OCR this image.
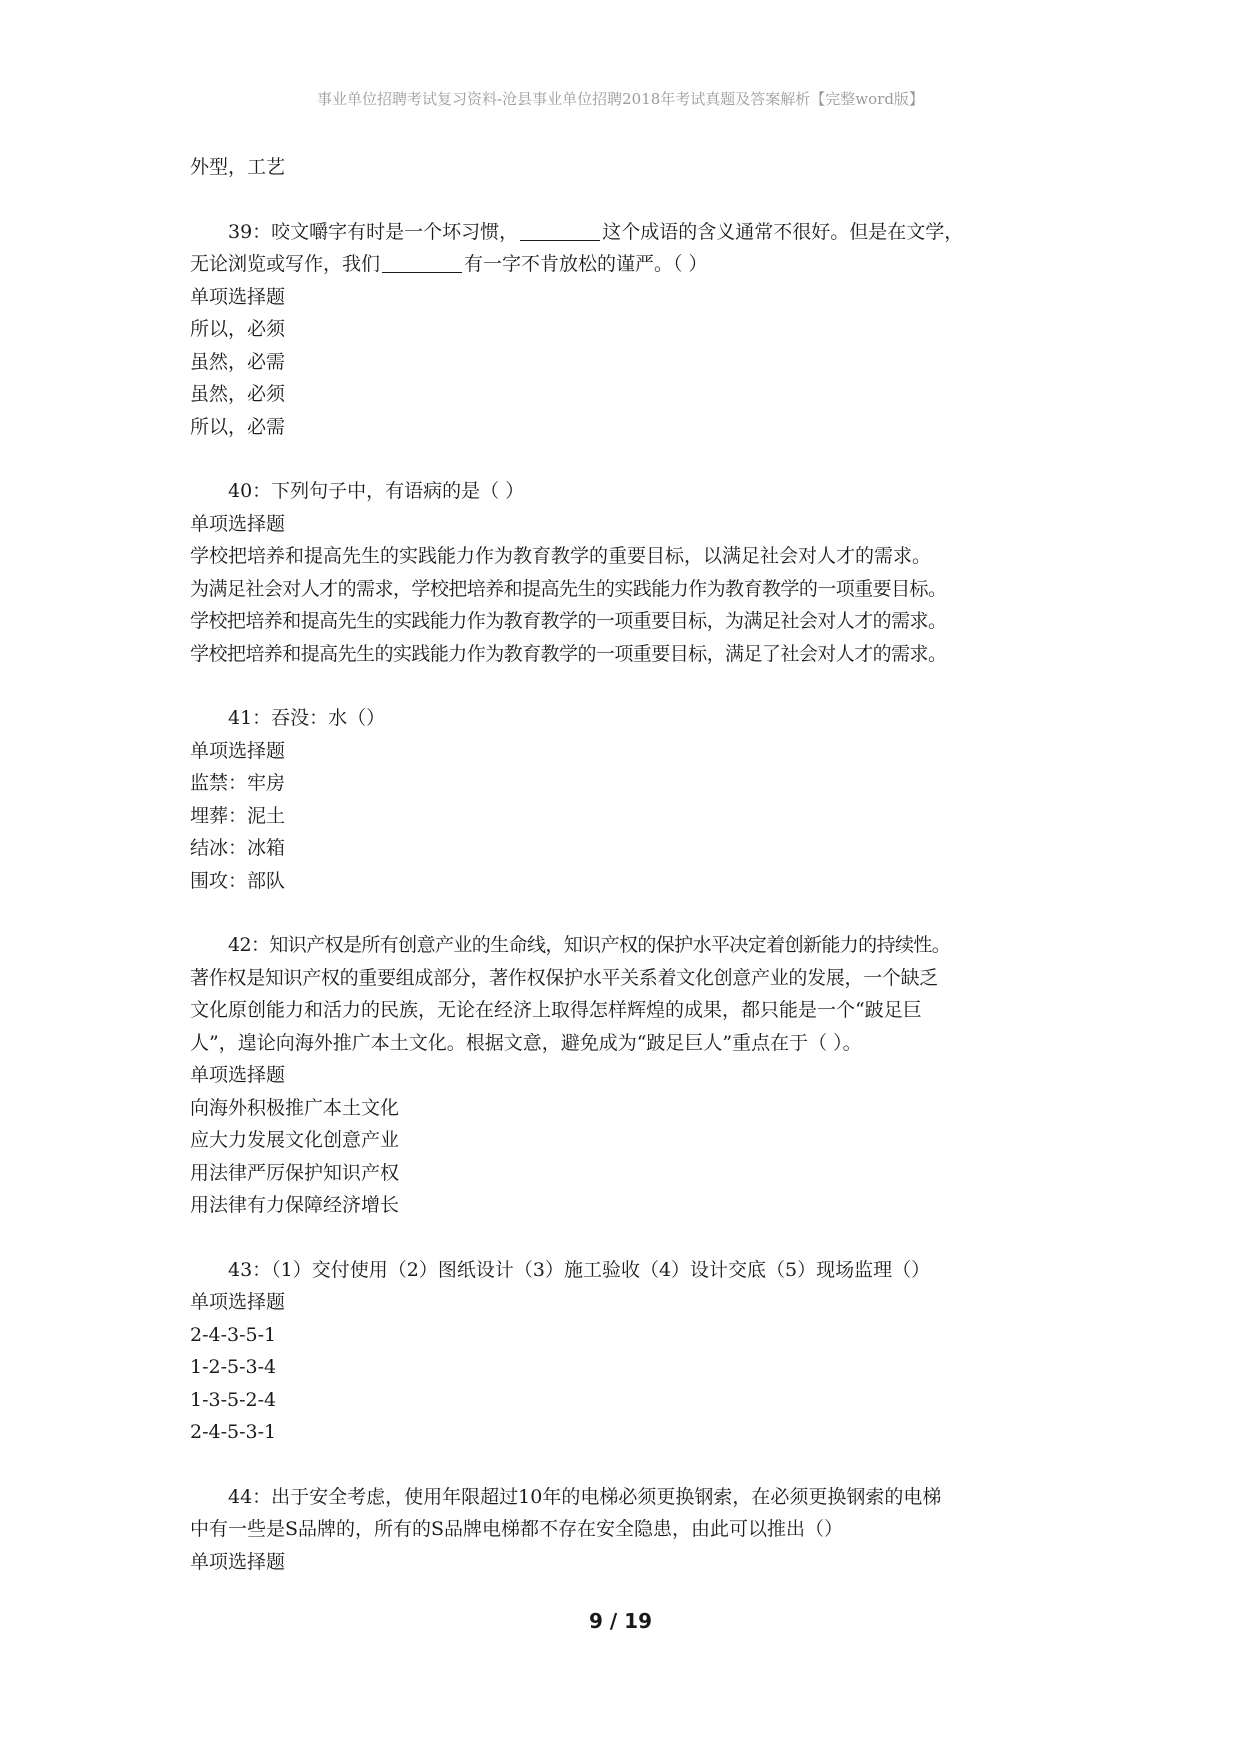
事业单位招聘考试复习资料-沧县事业单位招聘2018年考试真题及答案解析【完整word版】
外型，工艺
39：咬文嚼字有时是一个坏习惯，	这个成语的含义通常不很好。但是在文学，
无论浏览或写作，我们	有一字不肯放松的谨严。（ ）
单项选择题
所以，必须
虽然，必需
虽然，必须
所以，必需
40：下列句子中，有语病的是（ ）
单项选择题
学校把培养和提高先生的实践能力作为教育教学的重要目标，以满足社会对人才的需求。
为满足社会对人才的需求，学校把培养和提高先生的实践能力作为教育教学的一项重要目标。
学校把培养和提高先生的实践能力作为教育教学的一项重要目标，为满足社会对人才的需求。
学校把培养和提高先生的实践能力作为教育教学的一项重要目标，满足了社会对人才的需求。
41：吞没：水（）
单项选择题
监禁：牢房
埋葬：泥土
结冰：冰箱
围攻：部队
42：知识产权是所有创意产业的生命线，知识产权的保护水平决定着创新能力的持续性。
著作权是知识产权的重要组成部分，著作权保护水平关系着文化创意产业的发展，一个缺乏
文化原创能力和活力的民族，无论在经济上取得怎样辉煌的成果，都只能是一个“跛足巨
人”，遑论向海外推广本土文化。根据文意，避免成为“跛足巨人”重点在于（ ）。
单项选择题
向海外积极推广本土文化
应大力发展文化创意产业
用法律严厉保护知识产权
用法律有力保障经济增长
43：（1）交付使用（2）图纸设计（3）施工验收（4）设计交底（5）现场监理（）
单项选择题
2-4-3-5-1
1-2-5-3-4
1-3-5-2-4
2-4-5-3-1
44：出于安全考虑，使用年限超过10年的电梯必须更换钢索，在必须更换钢索的电梯
中有一些是S品牌的，所有的S品牌电梯都不存在安全隐患，由此可以推出（）
单项选择题
9 / 19
